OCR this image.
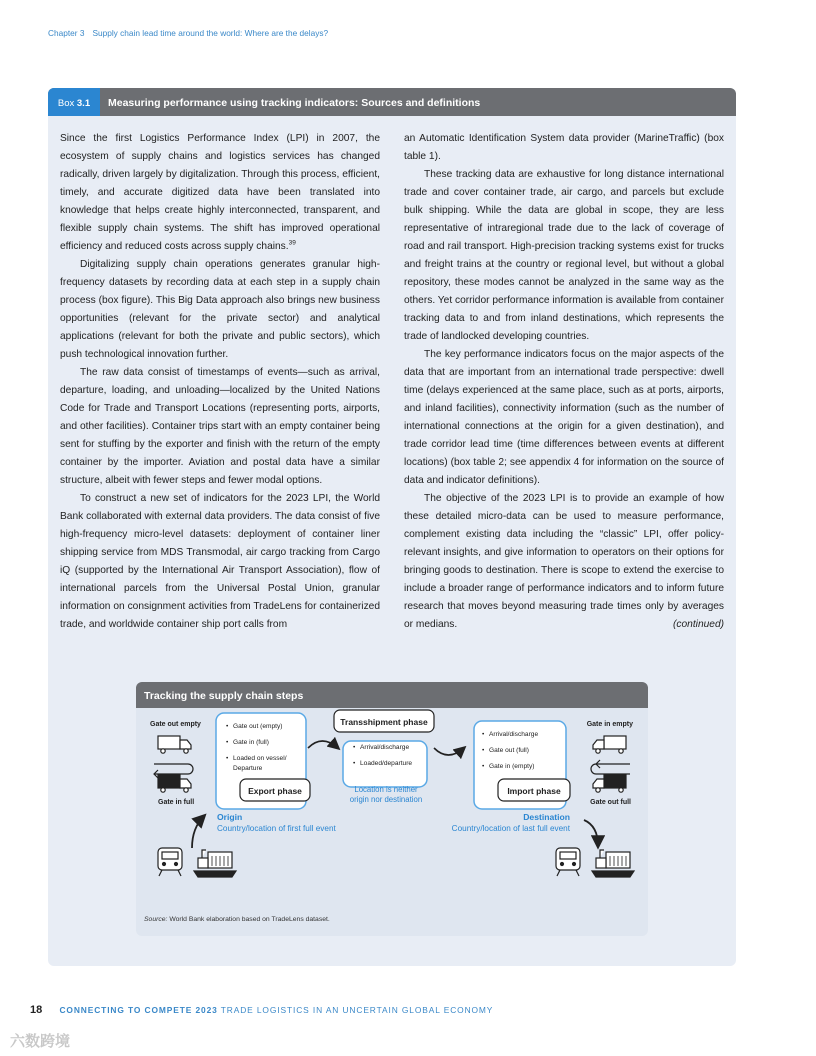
Chapter 3 Supply chain lead time around the world: Where are the delays?
Box 3.1	Measuring performance using tracking indicators: Sources and definitions

Since the first Logistics Performance Index (LPI) in 2007, the ecosystem of supply chains and logistics services has changed radically, driven largely by digitalization. Through this process, efficient, timely, and accurate digitized data have been translated into knowledge that helps create highly interconnected, transparent, and flexible supply chain systems. The shift has improved operational efficiency and reduced costs across supply chains.$^{39}$

Digitalizing supply chain operations generates granular high-frequency datasets by recording data at each step in a supply chain process (box figure). This Big Data approach also brings new business opportunities (relevant for the private sector) and analytical applications (relevant for both the private and public sectors), which push technological innovation further.

The raw data consist of timestamps of events—such as arrival, departure, loading, and unloading—localized by the United Nations Code for Trade and Transport Locations (representing ports, airports, and other facilities). Container trips start with an empty container being sent for stuffing by the exporter and finish with the return of the empty container by the importer. Aviation and postal data have a similar structure, albeit with fewer steps and fewer modal options.

To construct a new set of indicators for the 2023 LPI, the World Bank collaborated with external data providers. The data consist of five high-frequency micro-level datasets: deployment of container liner shipping service from MDS Transmodal, air cargo tracking from Cargo iQ (supported by the International Air Transport Association), flow of international parcels from the Universal Postal Union, granular information on consignment activities from TradeLens for containerized trade, and worldwide container ship port calls from

an Automatic Identification System data provider (MarineTraffic) (box table 1).

These tracking data are exhaustive for long distance international trade and cover container trade, air cargo, and parcels but exclude bulk shipping. While the data are global in scope, they are less representative of intraregional trade due to the lack of coverage of road and rail transport. High-precision tracking systems exist for trucks and freight trains at the country or regional level, but without a global repository, these modes cannot be analyzed in the same way as the others. Yet corridor performance information is available from container tracking data to and from inland destinations, which represents the trade of landlocked developing countries.

The key performance indicators focus on the major aspects of the data that are important from an international trade perspective: dwell time (delays experienced at the same place, such as at ports, airports, and inland facilities), connectivity information (such as the number of international connections at the origin for a given destination), and trade corridor lead time (time differences between events at different locations) (box table 2; see appendix 4 for information on the source of data and indicator definitions).

The objective of the 2023 LPI is to provide an example of how these detailed micro-data can be used to measure performance, complement existing data including the “classic” LPI, offer policy-relevant insights, and give information to operators on their options for bringing goods to destination. There is scope to extend the exercise to include a broader range of performance indicators and to inform future research that moves beyond measuring trade times only by averages or medians.	(continued)
Tracking the supply chain steps
Gate out empty
Gate in full
• Gate out (empty)
• Gate in (full)
• Loaded on vessel/
Departure
Export phase
Transshipment phase
• Arrival/discharge
• Loaded/departure
Location is neither
origin nor destination
• Arrival/discharge
• Gate out (full)
• Gate in (empty)
Import phase
Gate in empty
Gate out full
Origin
Country/location of first full event
Destination
Country/location of last full event
Source: World Bank elaboration based on TradeLens dataset.
18 CONNECTING TO COMPETE 2023 TRADE LOGISTICS IN AN UNCERTAIN GLOBAL ECONOMY
六数跨境
